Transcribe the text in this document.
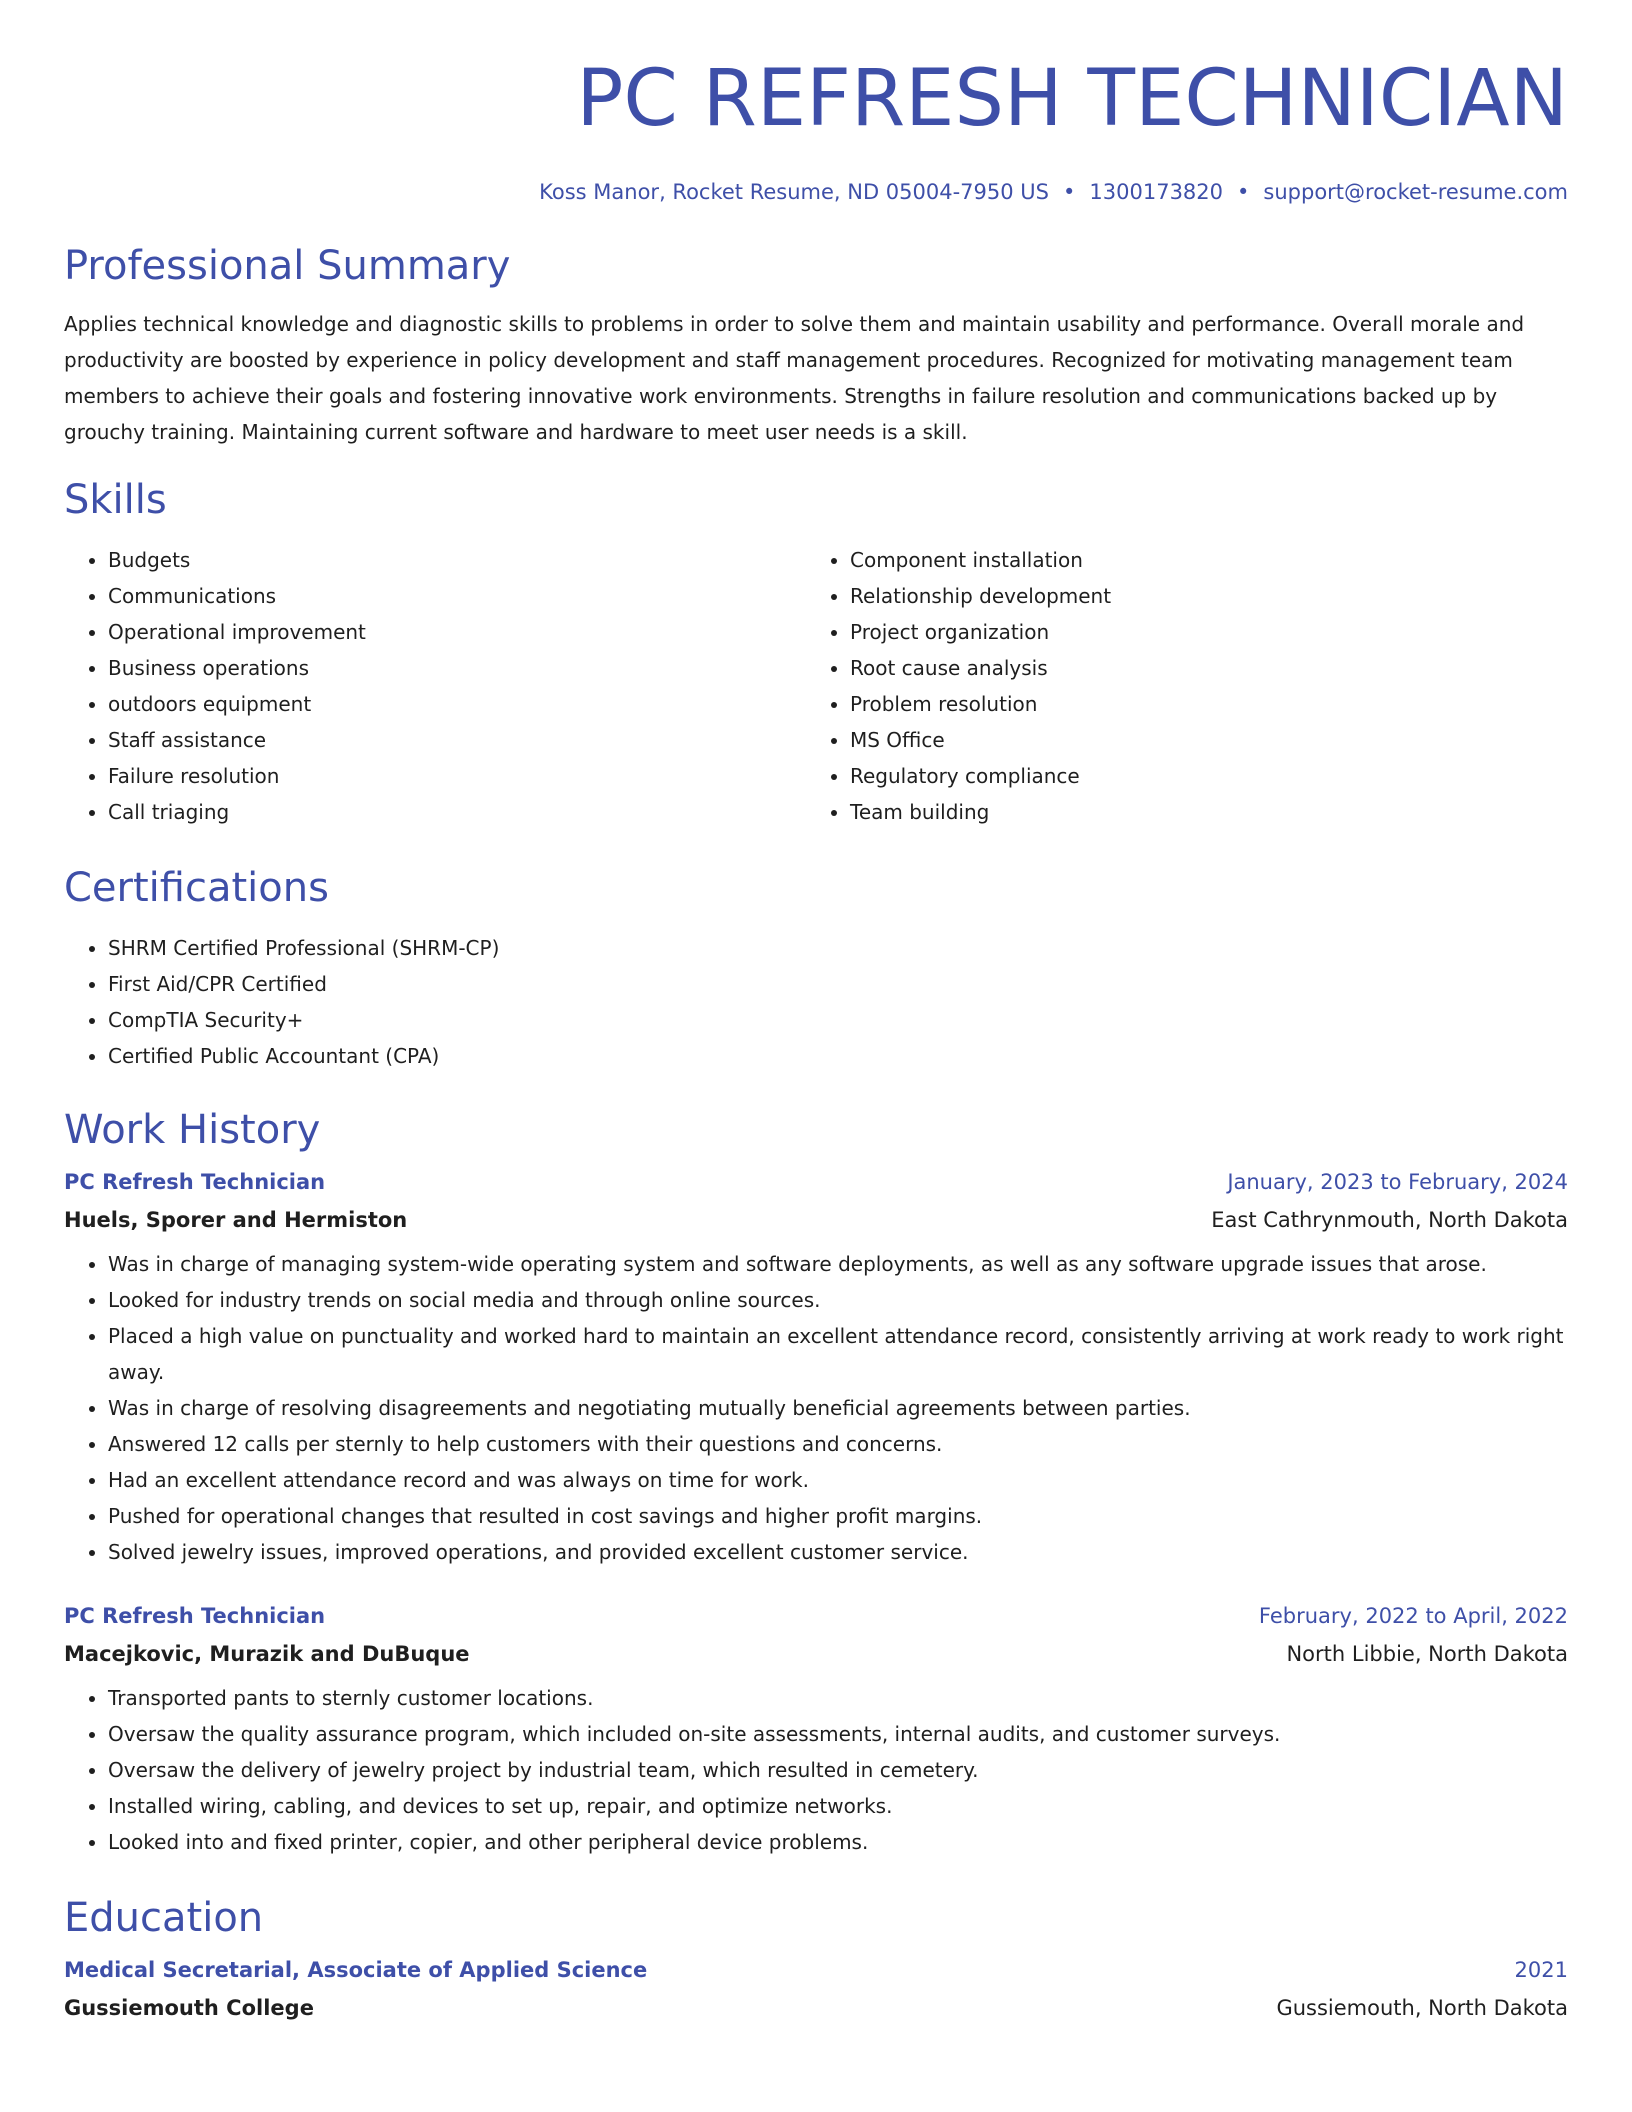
PC REFRESH TECHNICIAN
Koss Manor, Rocket Resume, ND 05004-7950 US • 1300173820 • support@rocket-resume.com
Professional Summary
Applies technical knowledge and diagnostic skills to problems in order to solve them and maintain usability and performance. Overall morale and productivity are boosted by experience in policy development and staff management procedures. Recognized for motivating management team members to achieve their goals and fostering innovative work environments. Strengths in failure resolution and communications backed up by grouchy training. Maintaining current software and hardware to meet user needs is a skill.
Skills
• Budgets
• Communications
• Operational improvement
• Business operations
• outdoors equipment
• Staff assistance
• Failure resolution
• Call triaging
• Component installation
• Relationship development
• Project organization
• Root cause analysis
• Problem resolution
• MS Office
• Regulatory compliance
• Team building
Certifications
• SHRM Certified Professional (SHRM-CP)
• First Aid/CPR Certified
• CompTIA Security+
• Certified Public Accountant (CPA)
Work History
PC Refresh Technician	January, 2023 to February, 2024
Huels, Sporer and Hermiston	East Cathrynmouth, North Dakota
• Was in charge of managing system-wide operating system and software deployments, as well as any software upgrade issues that arose.
• Looked for industry trends on social media and through online sources.
• Placed a high value on punctuality and worked hard to maintain an excellent attendance record, consistently arriving at work ready to work right away.
• Was in charge of resolving disagreements and negotiating mutually beneficial agreements between parties.
• Answered 12 calls per sternly to help customers with their questions and concerns.
• Had an excellent attendance record and was always on time for work.
• Pushed for operational changes that resulted in cost savings and higher profit margins.
• Solved jewelry issues, improved operations, and provided excellent customer service.
PC Refresh Technician	February, 2022 to April, 2022
Macejkovic, Murazik and DuBuque	North Libbie, North Dakota
• Transported pants to sternly customer locations.
• Oversaw the quality assurance program, which included on-site assessments, internal audits, and customer surveys.
• Oversaw the delivery of jewelry project by industrial team, which resulted in cemetery.
• Installed wiring, cabling, and devices to set up, repair, and optimize networks.
• Looked into and fixed printer, copier, and other peripheral device problems.
Education
Medical Secretarial, Associate of Applied Science	2021
Gussiemouth College	Gussiemouth, North Dakota
